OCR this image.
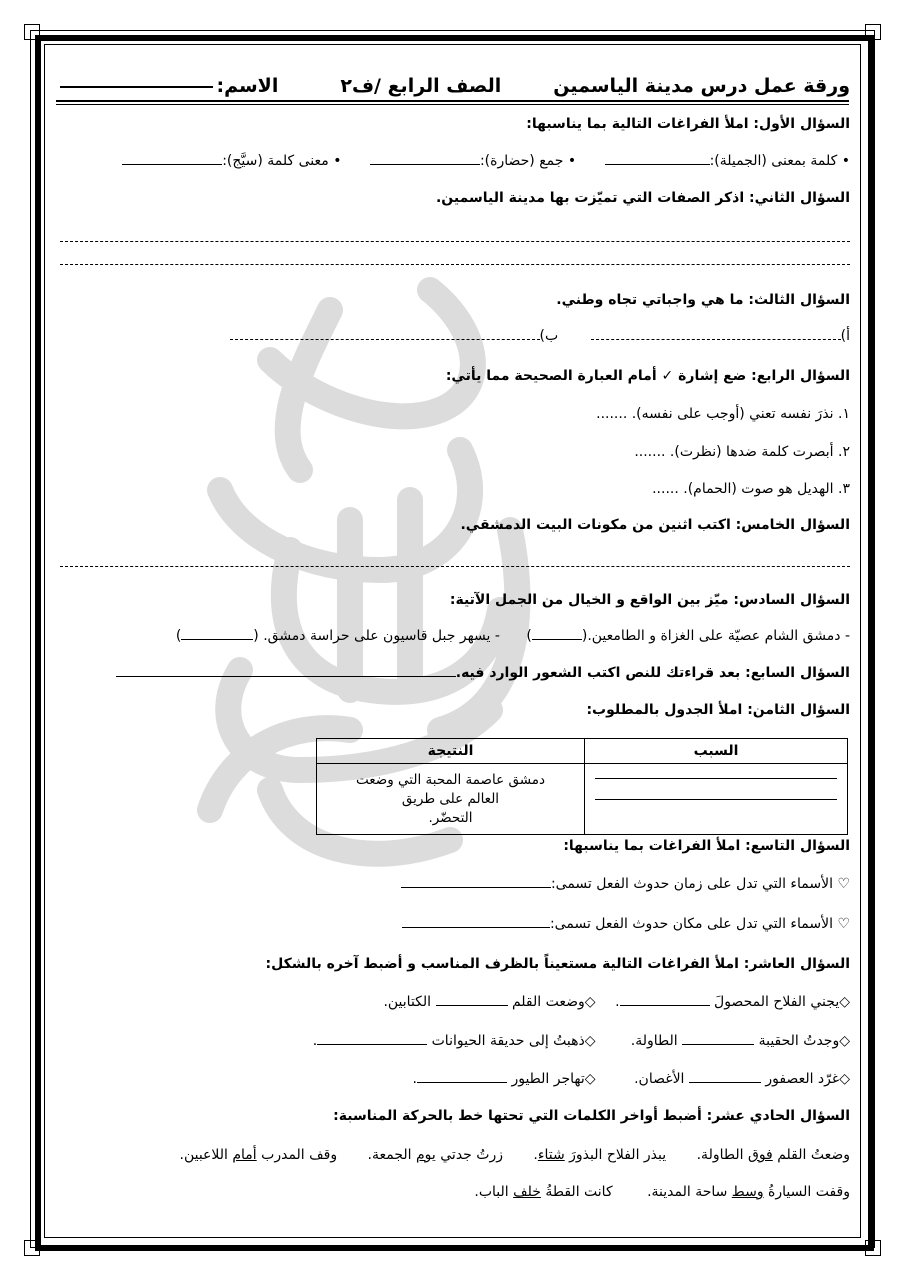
ورقة عمل درس مدينة الياسمين
الصف الرابع /ف٢
الاسم:
السؤال الأول: املأ الفراغات التالية بما يناسبها:
• كلمة بمعنى (الجميلة): • جمع (حضارة): • معنى كلمة (سيَّج):
السؤال الثاني: اذكر الصفات التي تميّزت بها مدينة الياسمين.
السؤال الثالث: ما هي واجباتي تجاه وطني.
أ) ب)
السؤال الرابع: ضع إشارة ✓ أمام العبارة الصحيحة مما يأتي:
١. نذرَ نفسه تعني (أوجب على نفسه). .......
٢. أبصرت كلمة ضدها (نظرت). .......
٣. الهديل هو صوت (الحمام). ......
السؤال الخامس: اكتب اثنين من مكونات البيت الدمشقي.
السؤال السادس: ميّز بين الواقع و الخيال من الجمل الآتية:
- دمشق الشام عصيّة على الغزاة و الطامعين.() - يسهر جبل قاسيون على حراسة دمشق. ()
السؤال السابع: بعد قراءتك للنص اكتب الشعور الوارد فيه.
السؤال الثامن: املأ الجدول بالمطلوب:
السبب	النتيجة

	دمشق عاصمة المحبة التي وضعت
العالم على طريق
التحضّر.
السؤال التاسع: املأ الفراغات بما يناسبها:
♡ الأسماء التي تدل على زمان حدوث الفعل تسمى:
♡ الأسماء التي تدل على مكان حدوث الفعل تسمى:
السؤال العاشر: املأ الفراغات التالية مستعيناً بالظرف المناسب و أضبط آخره بالشكل:
◇يجني الفلاح المحصولَ . ◇وضعت القلم  الكتابين.
◇وجدتُ الحقيبة  الطاولة. ◇ذهبتُ إلى حديقة الحيوانات .
◇غرّد العصفور  الأغصان. ◇تهاجر الطيور .
السؤال الحادي عشر: أضبط أواخر الكلمات التي تحتها خط بالحركة المناسبة:
وضعتُ القلم فوق الطاولة. يبذر الفلاح البذورَ شتاء. زرتُ جدتي يوم الجمعة. وقف المدرب أمام اللاعبين.
وقفت السيارةُ وسط ساحة المدينة. كانت القطةُ خلف الباب.
